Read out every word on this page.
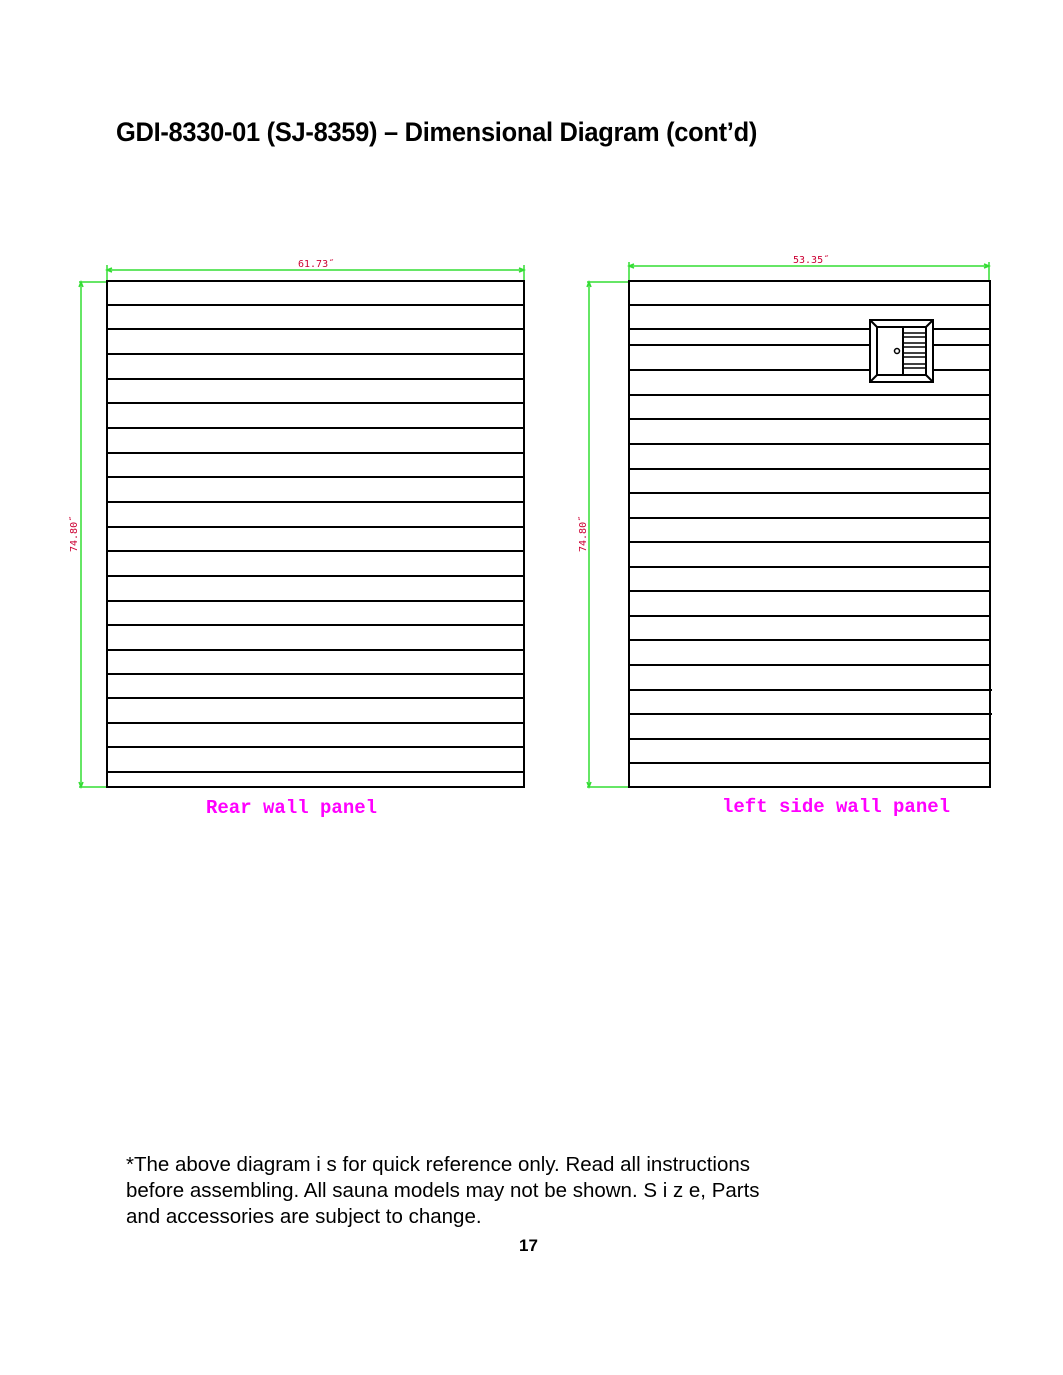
GDI-8330-01 (SJ-8359) – Dimensional Diagram (cont’d)
61.73˝
74.80˝
53.35˝
74.80˝
Rear wall panel	left side wall panel
*The above diagram i s for quick reference only. Read all instructions
before assembling. All sauna models may not be shown. S i z e, Parts
and accessories are subject to change.
17
